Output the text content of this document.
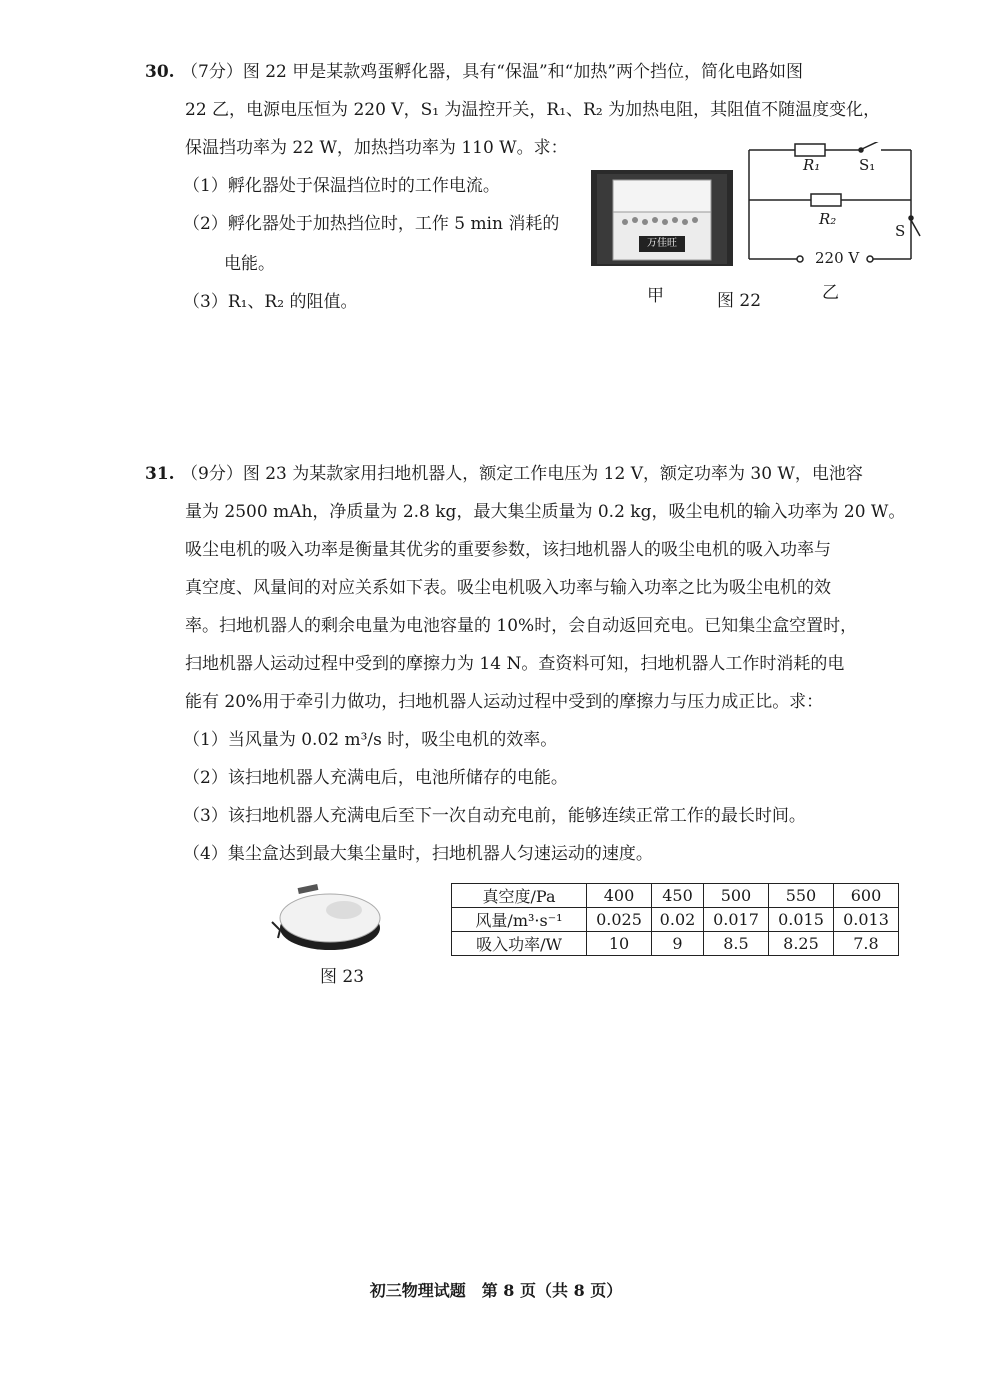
30. （7分）图 22 甲是某款鸡蛋孵化器，具有“保温”和“加热”两个挡位，简化电路如图
22 乙，电源电压恒为 220 V，S₁ 为温控开关，R₁、R₂ 为加热电阻，其阻值不随温度变化，
保温挡功率为 22 W，加热挡功率为 110 W。求：
（1）孵化器处于保温挡位时的工作电流。
（2）孵化器处于加热挡位时，工作 5 min 消耗的
电能。
（3）R₁、R₂ 的阻值。
万佳旺
R₁	S₁
R₂
S
220 V
甲	图 22	乙
31. （9分）图 23 为某款家用扫地机器人，额定工作电压为 12 V，额定功率为 30 W，电池容
量为 2500 mAh，净质量为 2.8 kg，最大集尘质量为 0.2 kg，吸尘电机的输入功率为 20 W。
吸尘电机的吸入功率是衡量其优劣的重要参数，该扫地机器人的吸尘电机的吸入功率与
真空度、风量间的对应关系如下表。吸尘电机吸入功率与输入功率之比为吸尘电机的效
率。扫地机器人的剩余电量为电池容量的 10%时，会自动返回充电。已知集尘盒空置时，
扫地机器人运动过程中受到的摩擦力为 14 N。查资料可知，扫地机器人工作时消耗的电
能有 20%用于牵引力做功，扫地机器人运动过程中受到的摩擦力与压力成正比。求：
（1）当风量为 0.02 m³/s 时，吸尘电机的效率。
（2）该扫地机器人充满电后，电池所储存的电能。
（3）该扫地机器人充满电后至下一次自动充电前，能够连续正常工作的最长时间。
（4）集尘盒达到最大集尘量时，扫地机器人匀速运动的速度。
图 23
真空度/Pa	400	450	500	550	600
风量/m³·s⁻¹	0.025	0.02	0.017	0.015	0.013
吸入功率/W	10	9	8.5	8.25	7.8
初三物理试题　第 8 页（共 8 页）
